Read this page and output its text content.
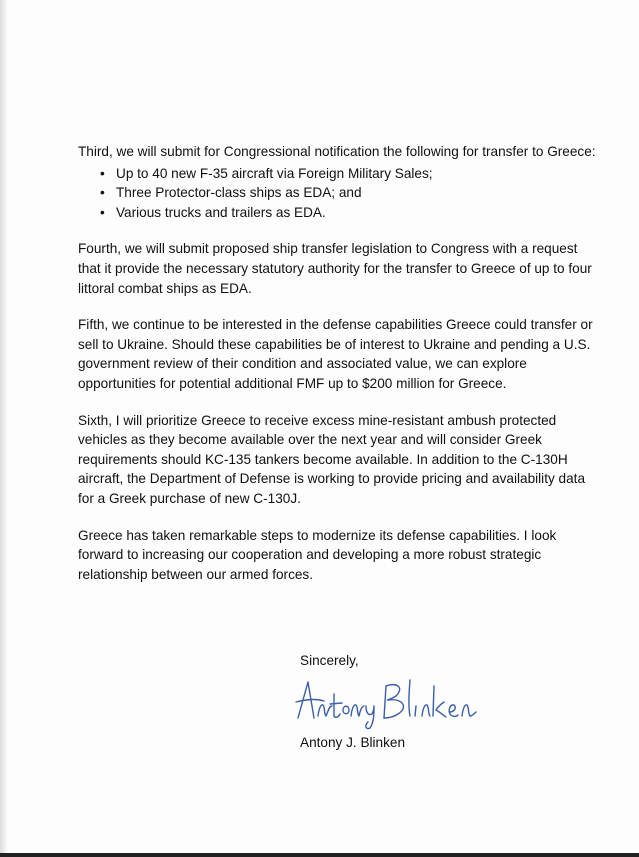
Third, we will submit for Congressional notification the following for transfer to Greece:

• Up to 40 new F-35 aircraft via Foreign Military Sales;
• Three Protector-class ships as EDA; and
• Various trucks and trailers as EDA.

Fourth, we will submit proposed ship transfer legislation to Congress with a request that it provide the necessary statutory authority for the transfer to Greece of up to four littoral combat ships as EDA.

Fifth, we continue to be interested in the defense capabilities Greece could transfer or sell to Ukraine. Should these capabilities be of interest to Ukraine and pending a U.S. government review of their condition and associated value, we can explore opportunities for potential additional FMF up to $200 million for Greece.

Sixth, I will prioritize Greece to receive excess mine-resistant ambush protected vehicles as they become available over the next year and will consider Greek requirements should KC-135 tankers become available. In addition to the C-130H aircraft, the Department of Defense is working to provide pricing and availability data for a Greek purchase of new C-130J.

Greece has taken remarkable steps to modernize its defense capabilities. I look forward to increasing our cooperation and developing a more robust strategic relationship between our armed forces.

Sincerely,
Antony J. Blinken
